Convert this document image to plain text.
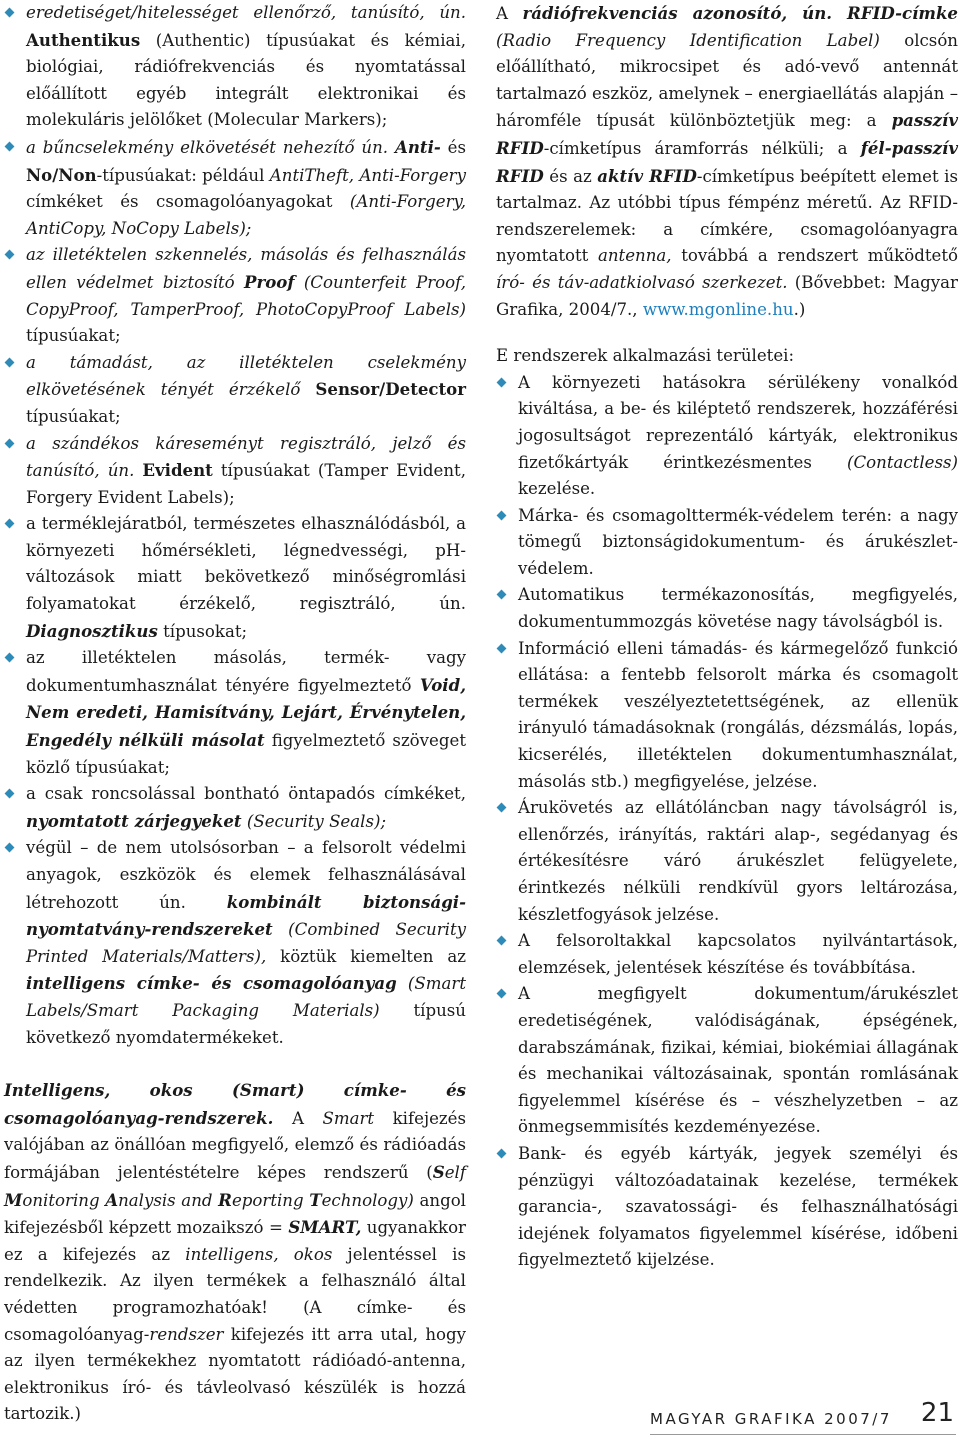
eredetiséget/hitelességet ellenőrző, tanúsító, ún. Authentikus (Authentic) típusúakat és kémiai, biológiai, rádiófrekvenciás és nyomtatással előállított egyéb integrált elektronikai és molekuláris jelölőket (Molecular Markers);

a bűncselekmény elkövetését nehezítő ún. Anti- és No/Non-típusúakat: például AntiTheft, Anti-Forgery címkéket és csomagolóanyagokat (Anti-Forgery, AntiCopy, NoCopy Labels);

az illetéktelen szkennelés, másolás és felhasználás ellen védelmet biztosító Proof (Counterfeit Proof, CopyProof, TamperProof, PhotoCopyProof Labels) típusúakat;

a támadást, az illetéktelen cselekmény elkövetésének tényét érzékelő Sensor/Detector típusúakat;

a szándékos káreseményt regisztráló, jelző és tanúsító, ún. Evident típusúakat (Tamper Evident, Forgery Evident Labels);

a terméklejáratból, természetes elhasználódásból, a környezeti hőmérsékleti, légnedvességi, pH-változások miatt bekövetkező minőségromlási folyamatokat érzékelő, regisztráló, ún. Diagnosztikus típusokat;

az illetéktelen másolás, termék- vagy dokumentumhasználat tényére figyelmeztető Void, Nem eredeti, Hamisítvány, Lejárt, Érvénytelen, Engedély nélküli másolat figyelmeztető szöveget közlő típusúakat;

a csak roncsolással bontható öntapadós címkéket, nyomtatott zárjegyeket (Security Seals);

végül – de nem utolsósorban – a felsorolt védelmi anyagok, eszközök és elemek felhasználásával létrehozott ún. kombinált biztonsági-nyomtatvány-rendszereket (Combined Security Printed Materials/Matters), köztük kiemelten az intelligens címke- és csomagolóanyag (Smart Labels/Smart Packaging Materials) típusú következő nyomdatermékeket.

Intelligens, okos (Smart) címke- és csomagolóanyag-rendszerek. A Smart kifejezés valójában az önállóan megfigyelő, elemző és rádióadás formájában jelentéstételre képes rendszerű (Self Monitoring Analysis and Reporting Technology) angol kifejezésből képzett mozaikszó = SMART, ugyanakkor ez a kifejezés az intelligens, okos jelentéssel is rendelkezik. Az ilyen termékek a felhasználó által védetten programozhatóak! (A címke- és csomagolóanyag-rendszer kifejezés itt arra utal, hogy az ilyen termékekhez nyomtatott rádióadó-antenna, elektronikus író- és távleolvasó készülék is hozzá tartozik.)

A rádiófrekvenciás azonosító, ún. RFID-címke (Radio Frequency Identification Label) olcsón előállítható, mikrocsipet és adó-vevő antennát tartalmazó eszköz, amelynek – energiaellátás alapján – háromféle típusát különböztetjük meg: a passzív RFID-címketípus áramforrás nélküli; a fél-passzív RFID és az aktív RFID-címketípus beépített elemet is tartalmaz. Az utóbbi típus fémpénz méretű. Az RFID-rendszerelemek: a címkére, csomagolóanyagra nyomtatott antenna, továbbá a rendszert működtető író- és táv-adatkiolvasó szerkezet. (Bővebbet: Magyar Grafika, 2004/7., www.mgonline.hu.)

E rendszerek alkalmazási területei:

A környezeti hatásokra sérülékeny vonalkód kiváltása, a be- és kiléptető rendszerek, hozzáférési jogosultságot reprezentáló kártyák, elektronikus fizetőkártyák érintkezésmentes (Contactless) kezelése.

Márka- és csomagolttermék-védelem terén: a nagy tömegű biztonságidokumentum- és árukészlet-védelem.

Automatikus termékazonosítás, megfigyelés, dokumentummozgás követése nagy távolságból is.

Információ elleni támadás- és kármegelőző funkció ellátása: a fentebb felsorolt márka és csomagolt termékek veszélyeztetettségének, az ellenük irányuló támadásoknak (rongálás, dézsmálás, lopás, kicserélés, illetéktelen dokumentumhasználat, másolás stb.) megfigyelése, jelzése.

Árukövetés az ellátóláncban nagy távolságról is, ellenőrzés, irányítás, raktári alap-, segédanyag és értékesítésre váró árukészlet felügyelete, érintkezés nélküli rendkívül gyors leltározása, készletfogyások jelzése.

A felsoroltakkal kapcsolatos nyilvántartások, elemzések, jelentések készítése és továbbítása.

A megfigyelt dokumentum/árukészlet eredetiségének, valódiságának, épségének, darabszámának, fizikai, kémiai, biokémiai állagának és mechanikai változásainak, spontán romlásának figyelemmel kísérése és – vészhelyzetben – az önmegsemmisítés kezdeményezése.

Bank- és egyéb kártyák, jegyek személyi és pénzügyi változóadatainak kezelése, termékek garancia-, szavatossági- és felhasználhatósági idejének folyamatos figyelemmel kísérése, időbeni figyelmeztető kijelzése.

MAGYAR GRAFIKA 2007/7 21
